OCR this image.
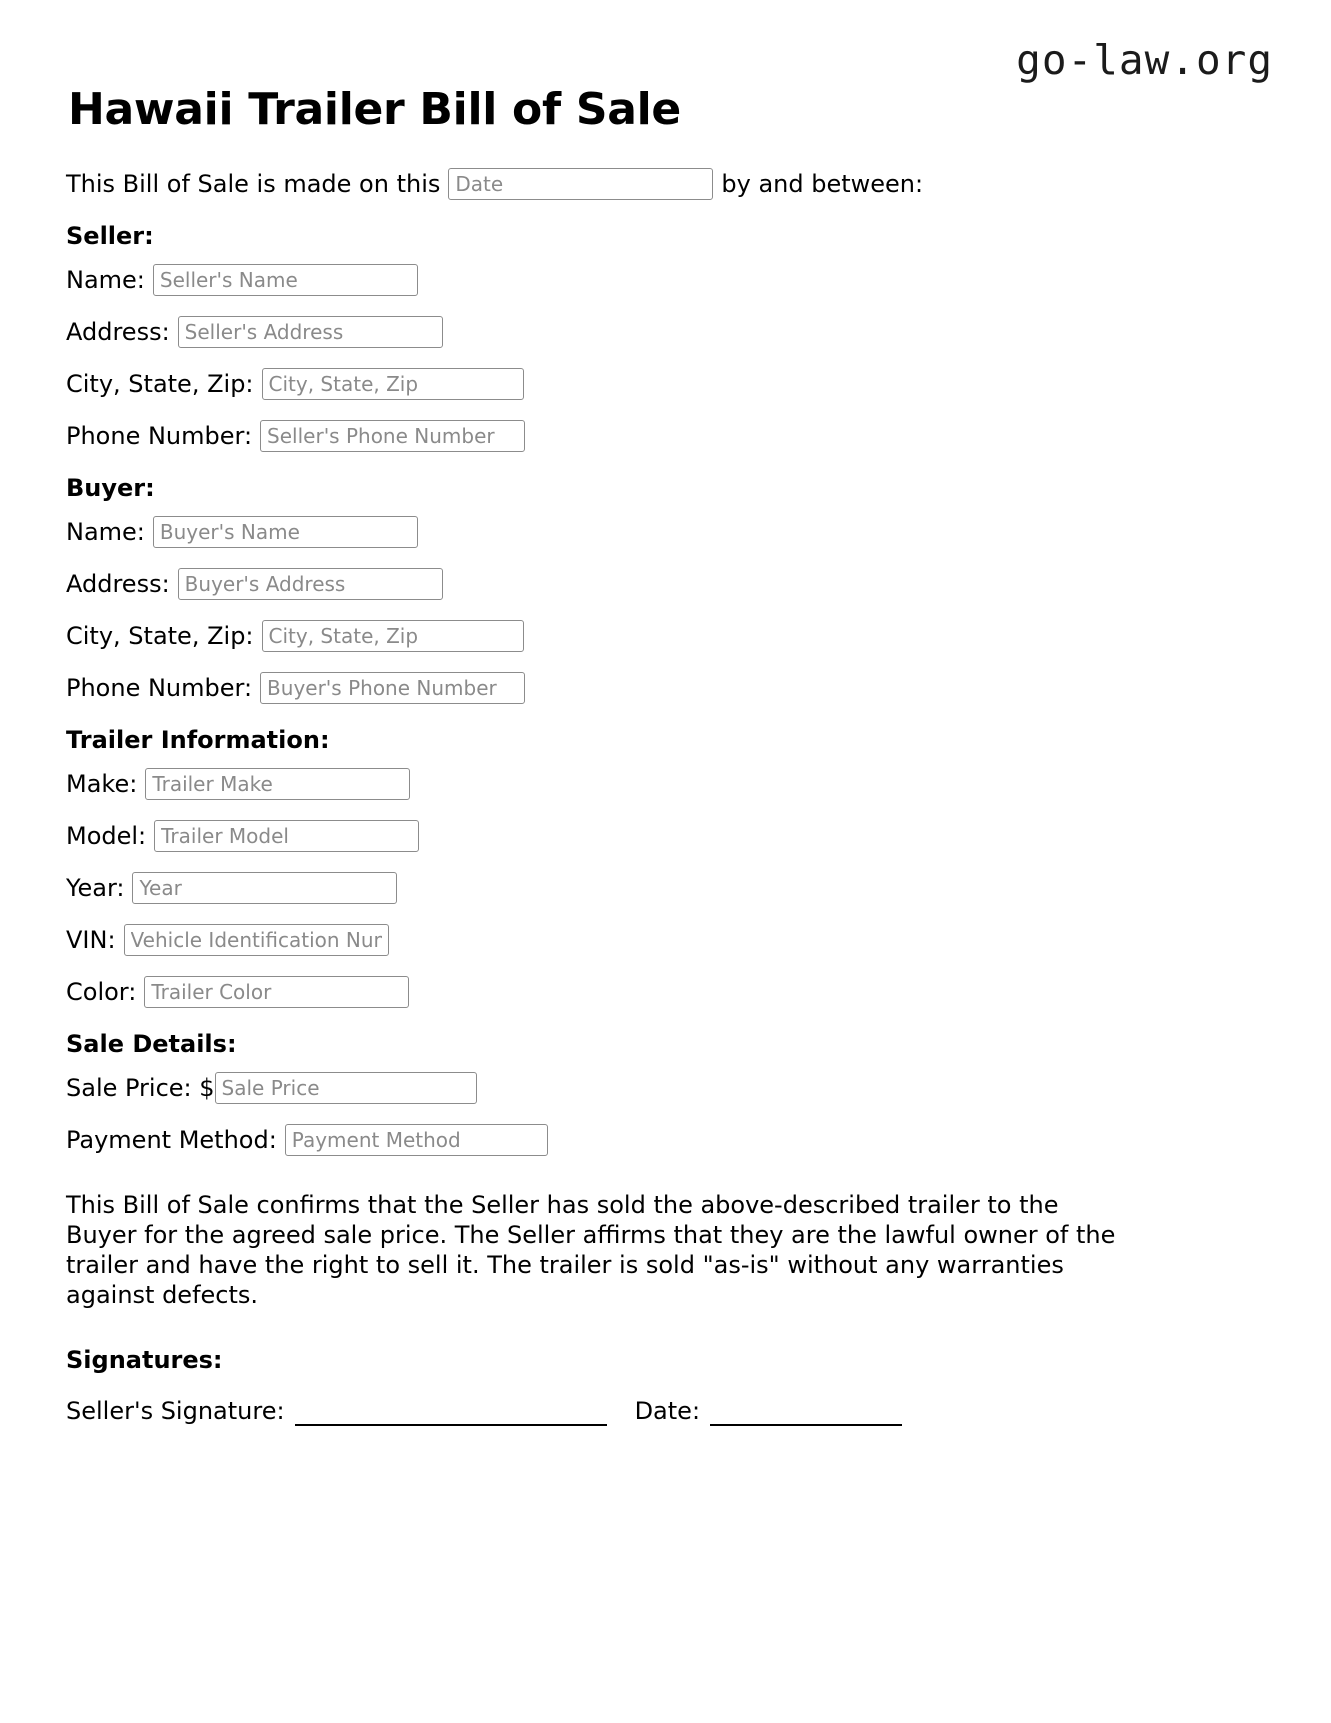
go-law.org
Hawaii Trailer Bill of Sale
This Bill of Sale is made on this
Date	by and between:
Seller:
Name:
Seller's Name
Address:
Seller's Address
City, State, Zip:
City, State, Zip
Phone Number:
Seller's Phone Number
Buyer:
Name:
Buyer's Name
Address:
Buyer's Address
City, State, Zip:
City, State, Zip
Phone Number:
Buyer's Phone Number
Trailer Information:
Make:
Trailer Make
Model:
Trailer Model
Year:
Year
VIN:
Vehicle Identification Number
Color:
Trailer Color
Sale Details:
Sale Price: $
Sale Price
Payment Method:
Payment Method

This Bill of Sale confirms that the Seller has sold the above-described trailer to the Buyer for the agreed sale price. The Seller affirms that they are the lawful owner of the trailer and have the right to sell it. The trailer is sold "as-is" without any warranties against defects.

Signatures:
Seller's Signature:	Date:
